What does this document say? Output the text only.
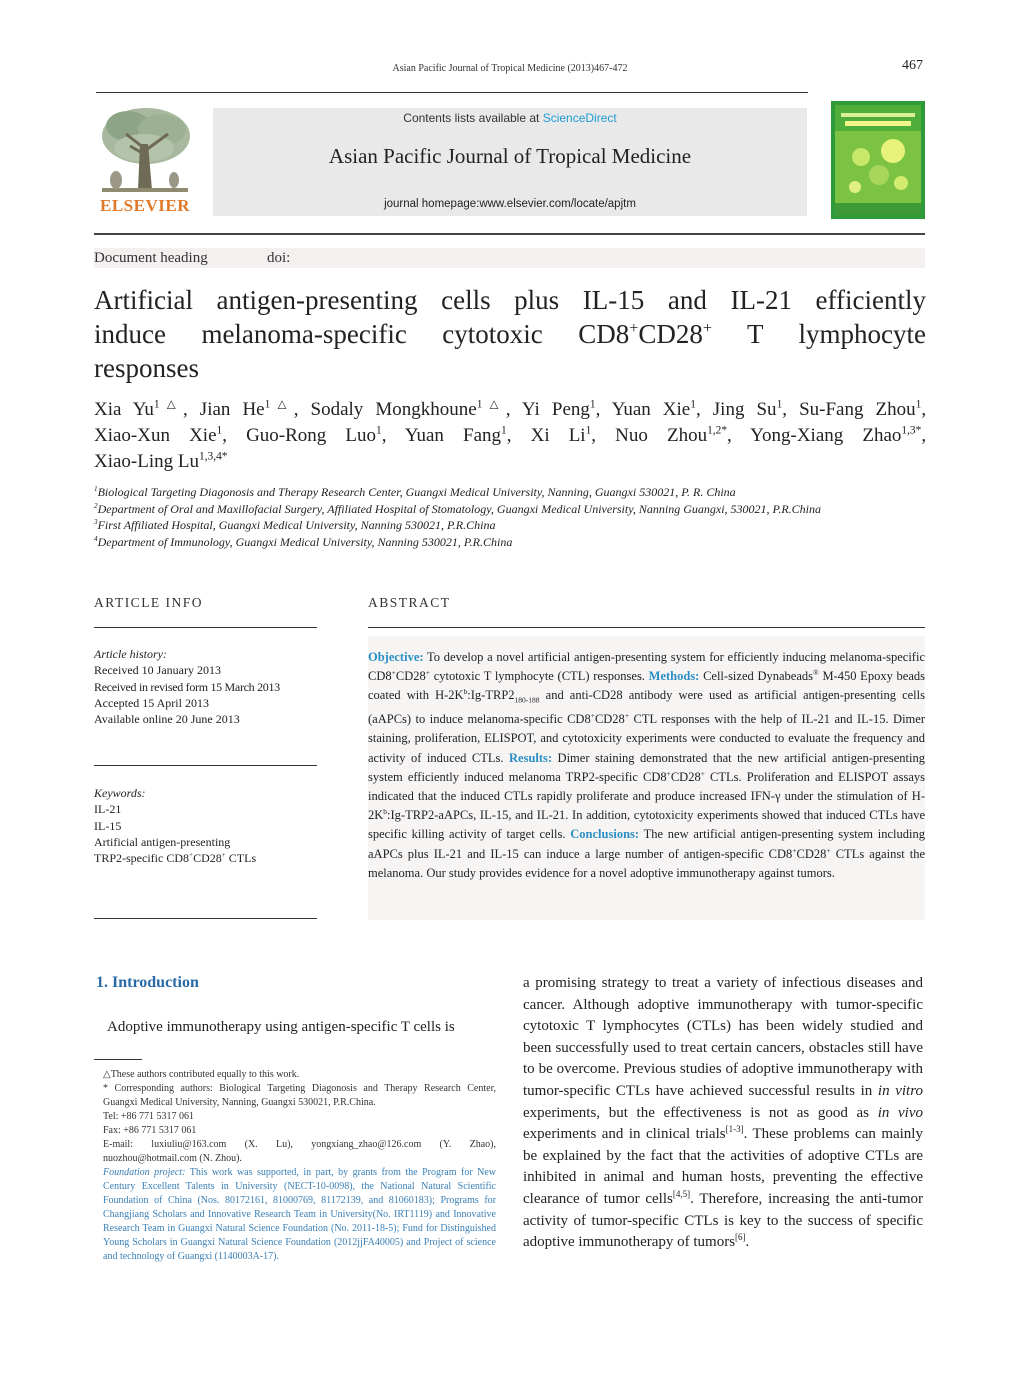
Asian Pacific Journal of Tropical Medicine (2013)467-472	467
ELSEVIER
Contents lists available at ScienceDirect
Asian Pacific Journal of Tropical Medicine
journal homepage:www.elsevier.com/locate/apjtm
Document heading	doi:
Artificial antigen-presenting cells plus IL-15 and IL-21 efficiently
induce melanoma-specific cytotoxic CD8+CD28+ T lymphocyte
responses
Xia $Yu^{1\triangle}$, Jian $He^{1\triangle}$, Sodaly Mongkhoune$^{1\triangle}$, Yi Peng$^1$, Yuan Xie$^1$, Jing Su$^1$, Su-Fang Zhou$^1$,
Xiao-Xun Xie$^1$, Guo-Rong Luo$^1$, Yuan Fang$^1$, Xi Li$^1$, Nuo Zhou$^{1,2*}$, Yong-Xiang Zhao$^{1,3*}$,
Xiao-Ling $Lu^{1,3,4*}$
$^1$Biological Targeting Diagonosis and Therapy Research Center, Guangxi Medical University, Nanning, Guangxi 530021, P. R. China
$^2$Department of Oral and Maxillofacial Surgery, Affiliated Hospital of Stomatology, Guangxi Medical University, Nanning Guangxi, 530021, P.R.China
$^3$First Affiliated Hospital, Guangxi Medical University, Nanning 530021, P.R.China
$^4$Department of Immunology, Guangxi Medical University, Nanning 530021, P.R.China
ARTICLE INFO	ABSTRACT
Article history:
Received 10 January 2013
Received in revised form 15 March 2013
Accepted 15 April 2013
Available online 20 June 2013
Keywords:
IL-21
IL-15
Artificial antigen-presenting
TRP2-specific CD8+CD28+ CTLs
Objective: To develop a novel artificial antigen-presenting system for efficiently inducing melanoma-specific CD8+CD28+ cytotoxic T lymphocyte (CTL) responses. Methods: Cell-sized Dynabeads® M-450 Epoxy beads coated with $H-2K^b:Ig-TRP2_{180-188}$ and anti-CD28 antibody were used as artificial antigen-presenting cells (aAPCs) to induce melanoma-specific CD8+CD28+ CTL responses with the help of IL-21 and IL-15. Dimer staining, proliferation, ELISPOT, and cytotoxicity experiments were conducted to evaluate the frequency and activity of induced CTLs. Results: Dimer staining demonstrated that the new artificial antigen-presenting system efficiently induced melanoma TRP2-specific CD8+CD28+ CTLs. Proliferation and ELISPOT assays indicated that the induced CTLs rapidly proliferate and produce increased IFN-γ under the stimulation of $H-2K^b:Ig-TRP2$-aAPCs, IL-15, and IL-21. In addition, cytotoxicity experiments showed that induced CTLs have specific killing activity of target cells. Conclusions: The new artificial antigen-presenting system including aAPCs plus IL-21 and IL-15 can induce a large number of antigen-specific CD8+CD28+ CTLs against the melanoma. Our study provides evidence for a novel adoptive immunotherapy against tumors.
1. Introduction
Adoptive immunotherapy using antigen-specific T cells is
a promising strategy to treat a variety of infectious diseases and cancer. Although adoptive immunotherapy with tumor-specific cytotoxic T lymphocytes (CTLs) has been widely studied and been successfully used to treat certain cancers, obstacles still have to be overcome. Previous studies of adoptive immunotherapy with tumor-specific CTLs have achieved successful results in in vitro experiments, but the effectiveness is not as good as in vivo experiments and in clinical trials[1-3]. These problems can mainly be explained by the fact that the activities of adoptive CTLs are inhibited in animal and human hosts, preventing the effective clearance of tumor cells[4,5]. Therefore, increasing the anti-tumor activity of tumor-specific CTLs is key to the success of specific adoptive immunotherapy of tumors[6].
△These authors contributed equally to this work.
* Corresponding authors: Biological Targeting Diagonosis and Therapy Research Center, Guangxi Medical University, Nanning, Guangxi 530021, P.R.China.
Tel: +86 771 5317 061
Fax: +86 771 5317 061
E-mail: luxiuliu@163.com (X. Lu), yongxiang_zhao@126.com (Y. Zhao), nuozhou@hotmail.com (N. Zhou).
Foundation project: This work was supported, in part, by grants from the Program for New Century Excellent Talents in University (NECT-10-0098), the National Natural Scientific Foundation of China (Nos. 80172161, 81000769, 81172139, and 81060183); Programs for Changjiang Scholars and Innovative Research Team in University(No. IRT1119) and Innovative Research Team in Guangxi Natural Science Foundation (No. 2011-18-5); Fund for Distinguished Young Scholars in Guangxi Natural Science Foundation (2012jjFA40005) and Project of science and technology of Guangxi (1140003A-17).
